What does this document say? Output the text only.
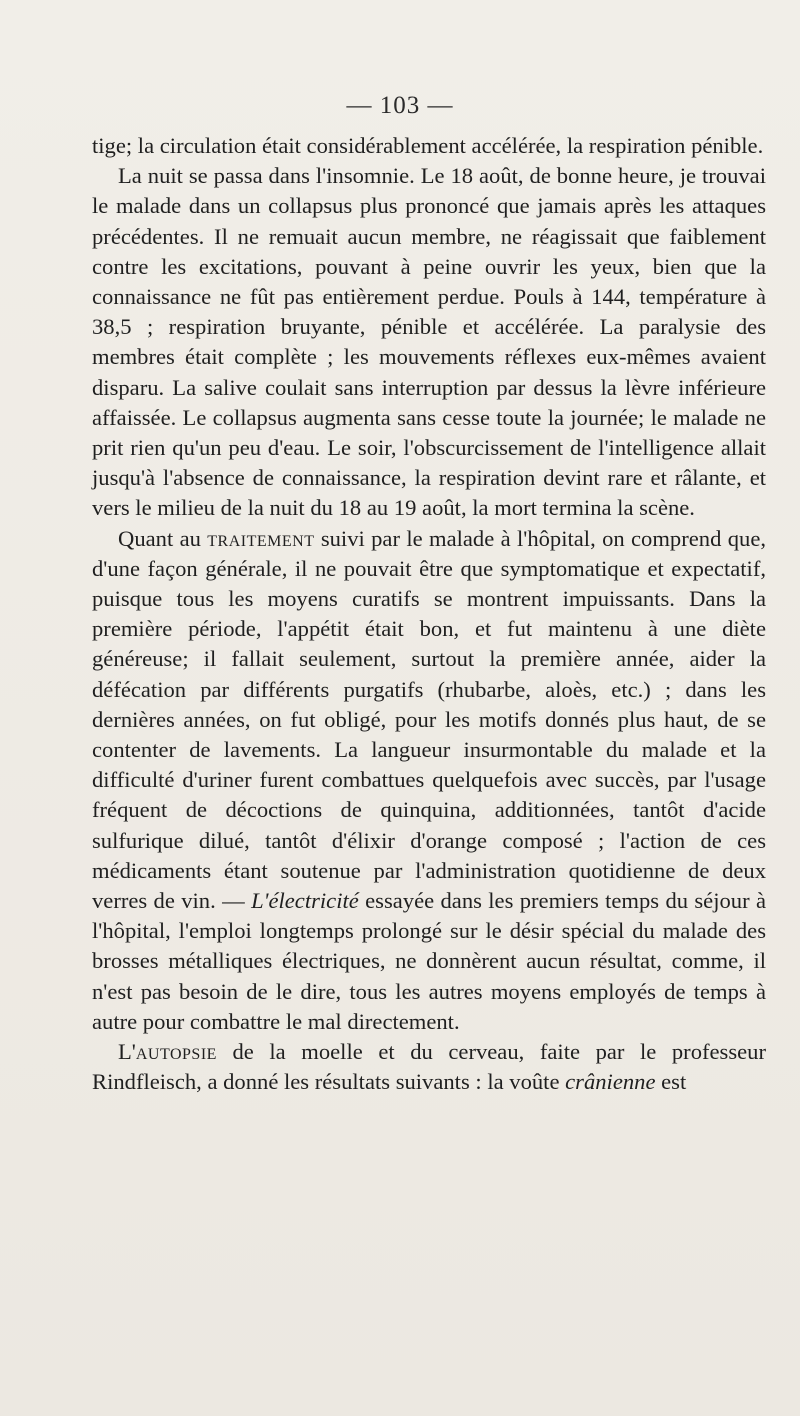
— 103 —

tige; la circulation était considérablement accélérée, la respiration pénible.

La nuit se passa dans l'insomnie. Le 18 août, de bonne heure, je trouvai le malade dans un collapsus plus prononcé que jamais après les attaques précédentes. Il ne remuait aucun membre, ne réagissait que faiblement contre les excitations, pouvant à peine ouvrir les yeux, bien que la connaissance ne fût pas entièrement perdue. Pouls à 144, température à 38,5 ; respiration bruyante, pénible et accélérée. La paralysie des membres était complète ; les mouvements réflexes eux-mêmes avaient disparu. La salive coulait sans interruption par dessus la lèvre inférieure affaissée. Le collapsus augmenta sans cesse toute la journée; le malade ne prit rien qu'un peu d'eau. Le soir, l'obscurcissement de l'intelligence allait jusqu'à l'absence de connaissance, la respiration devint rare et râlante, et vers le milieu de la nuit du 18 au 19 août, la mort termina la scène.

Quant au traitement suivi par le malade à l'hôpital, on comprend que, d'une façon générale, il ne pouvait être que symptomatique et expectatif, puisque tous les moyens curatifs se montrent impuissants. Dans la première période, l'appétit était bon, et fut maintenu à une diète généreuse; il fallait seulement, surtout la première année, aider la défécation par différents purgatifs (rhubarbe, aloès, etc.) ; dans les dernières années, on fut obligé, pour les motifs donnés plus haut, de se contenter de lavements. La langueur insurmontable du malade et la difficulté d'uriner furent combattues quelquefois avec succès, par l'usage fréquent de décoctions de quinquina, additionnées, tantôt d'acide sulfurique dilué, tantôt d'élixir d'orange composé ; l'action de ces médicaments étant soutenue par l'administration quotidienne de deux verres de vin. — L'électricité essayée dans les premiers temps du séjour à l'hôpital, l'emploi longtemps prolongé sur le désir spécial du malade des brosses métalliques électriques, ne donnèrent aucun résultat, comme, il n'est pas besoin de le dire, tous les autres moyens employés de temps à autre pour combattre le mal directement.

L'autopsie de la moelle et du cerveau, faite par le professeur Rindfleisch, a donné les résultats suivants : la voûte crânienne est
